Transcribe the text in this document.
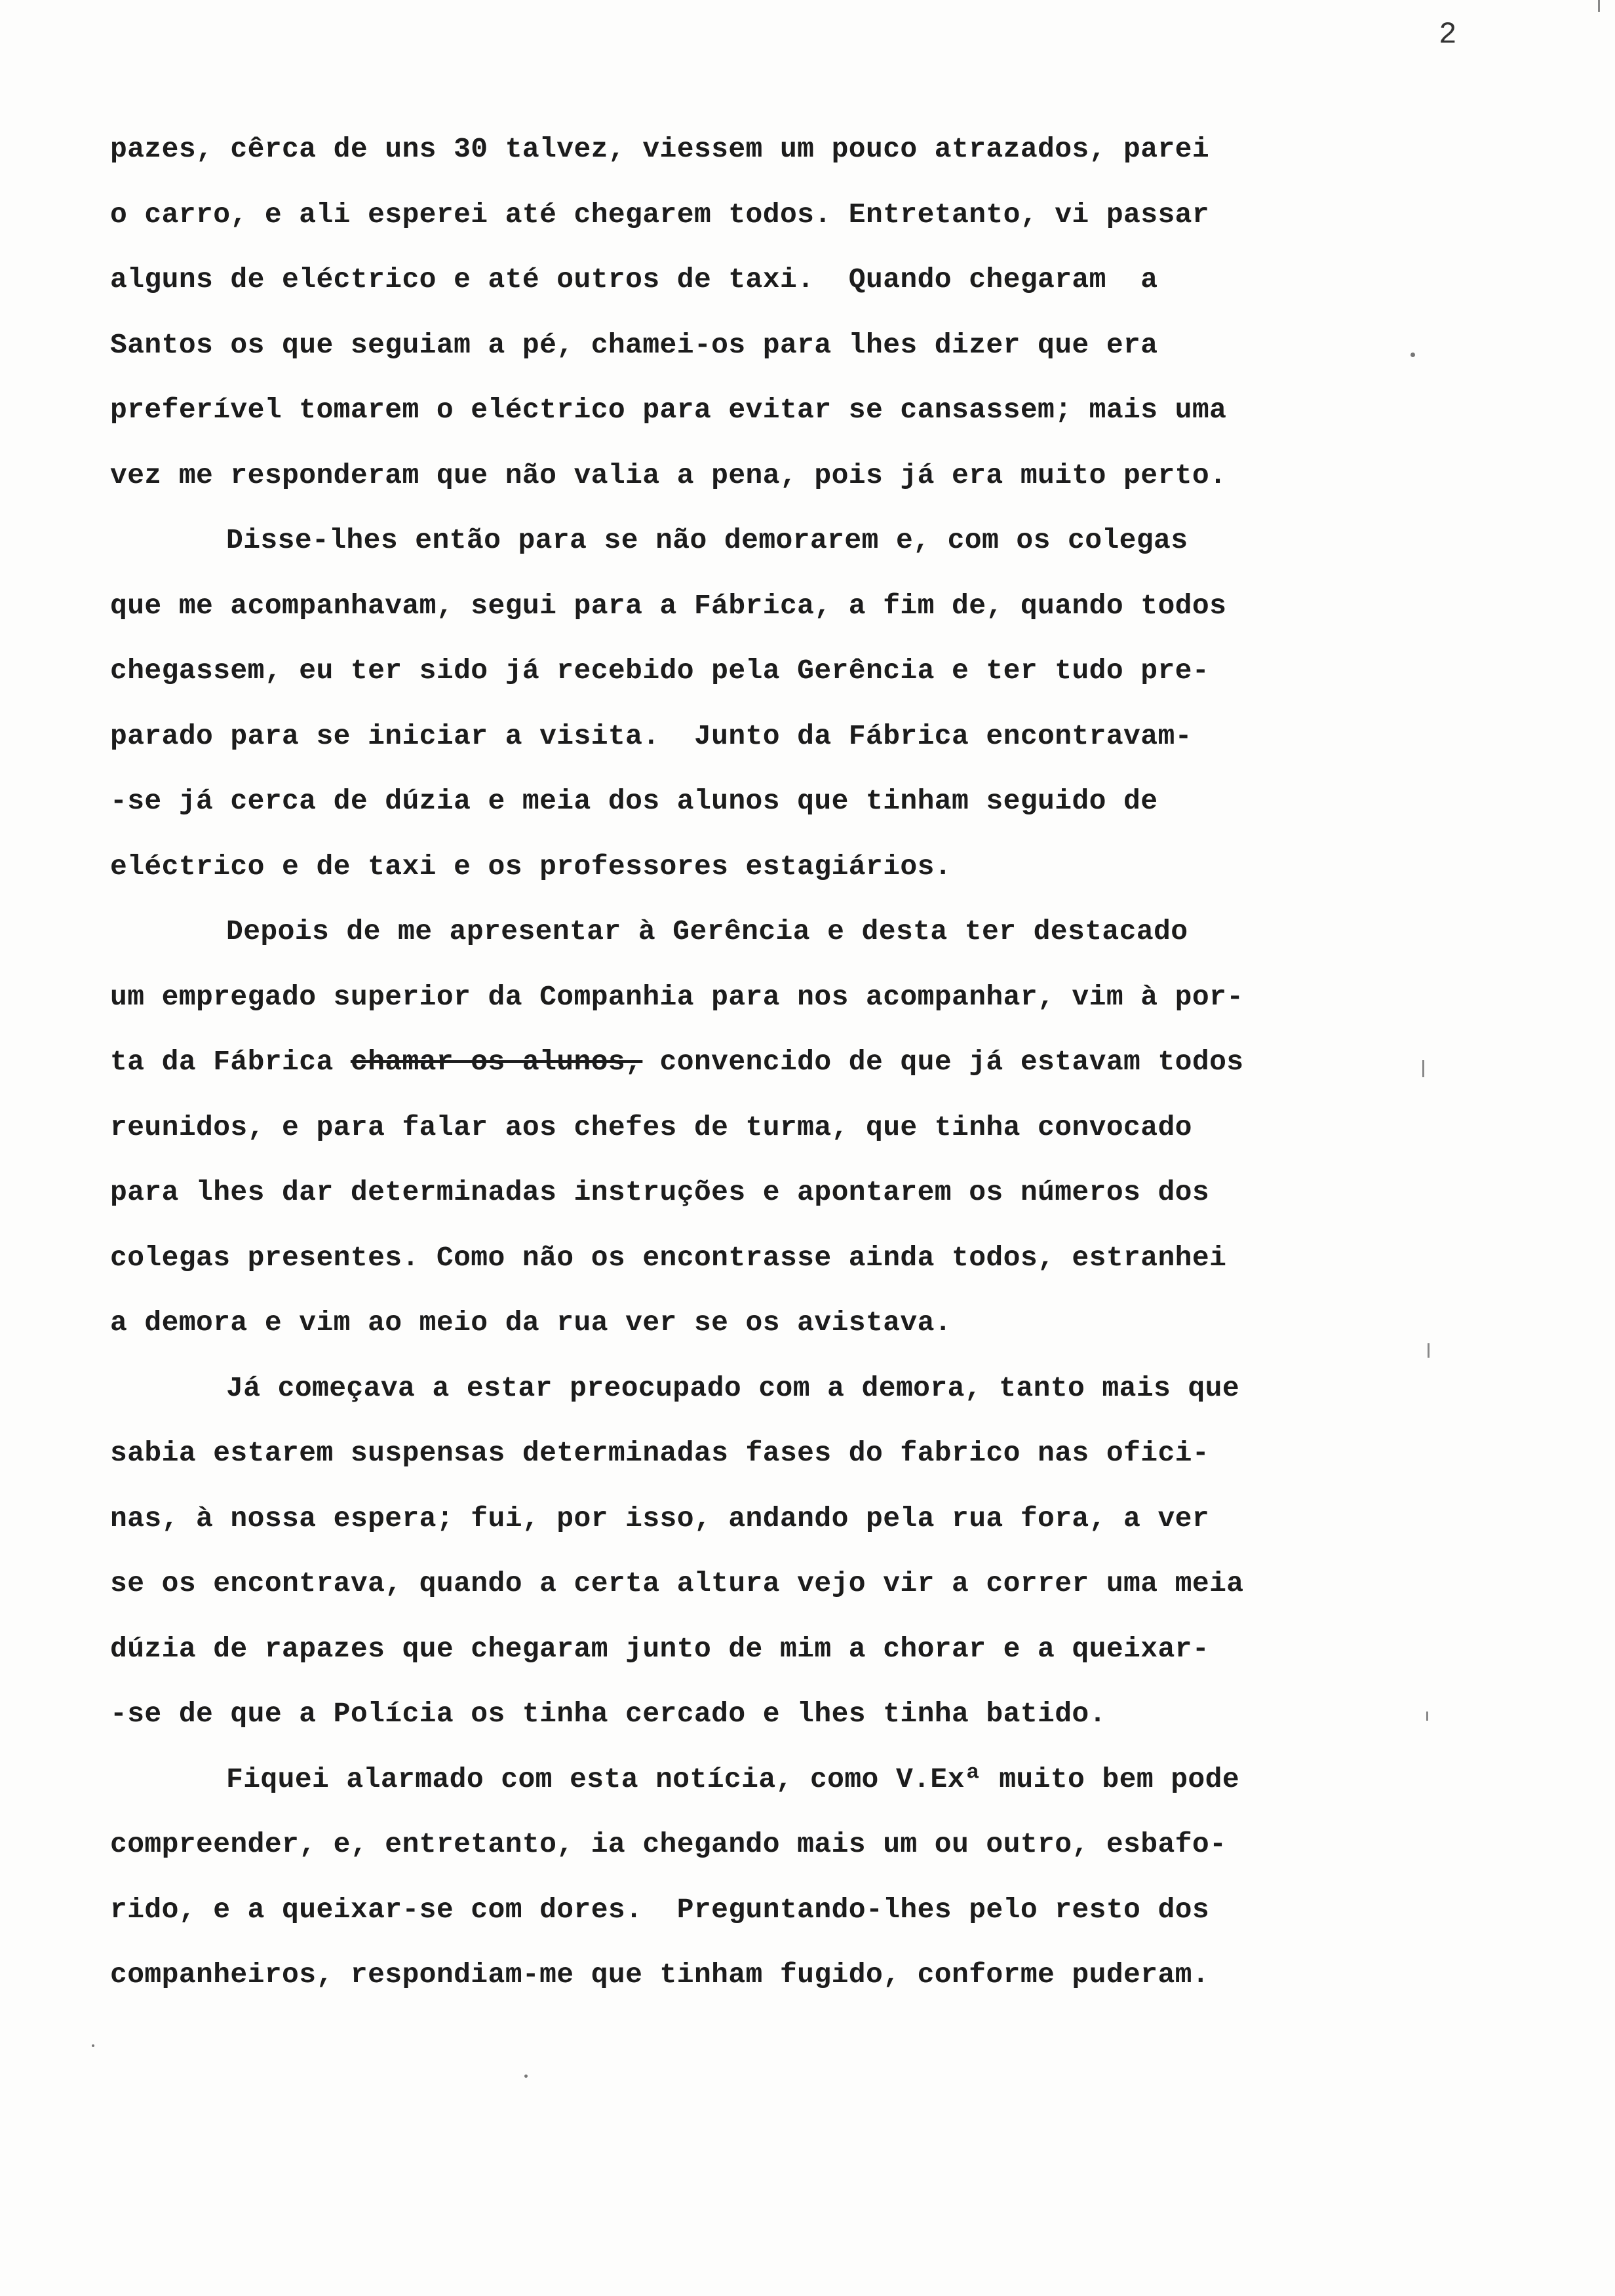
2
pazes, cêrca de uns 30 talvez, viessem um pouco atrazados, parei
o carro, e ali esperei até chegarem todos. Entretanto, vi passar
alguns de eléctrico e até outros de taxi.  Quando chegaram  a
Santos os que seguiam a pé, chamei-os para lhes dizer que era
preferível tomarem o eléctrico para evitar se cansassem; mais uma
vez me responderam que não valia a pena, pois já era muito perto.
Disse-lhes então para se não demorarem e, com os colegas
que me acompanhavam, segui para a Fábrica, a fim de, quando todos
chegassem, eu ter sido já recebido pela Gerência e ter tudo pre-
parado para se iniciar a visita.  Junto da Fábrica encontravam-
-se já cerca de dúzia e meia dos alunos que tinham seguido de
eléctrico e de taxi e os professores estagiários.
Depois de me apresentar à Gerência e desta ter destacado
um empregado superior da Companhia para nos acompanhar, vim à por-
ta da Fábrica chamar os alunos, convencido de que já estavam todos
reunidos, e para falar aos chefes de turma, que tinha convocado
para lhes dar determinadas instruções e apontarem os números dos
colegas presentes. Como não os encontrasse ainda todos, estranhei
a demora e vim ao meio da rua ver se os avistava.
Já começava a estar preocupado com a demora, tanto mais que
sabia estarem suspensas determinadas fases do fabrico nas ofici-
nas, à nossa espera; fui, por isso, andando pela rua fora, a ver
se os encontrava, quando a certa altura vejo vir a correr uma meia
dúzia de rapazes que chegaram junto de mim a chorar e a queixar-
-se de que a Polícia os tinha cercado e lhes tinha batido.
Fiquei alarmado com esta notícia, como V.Exª muito bem pode
compreender, e, entretanto, ia chegando mais um ou outro, esbafo-
rido, e a queixar-se com dores.  Preguntando-lhes pelo resto dos
companheiros, respondiam-me que tinham fugido, conforme puderam.
